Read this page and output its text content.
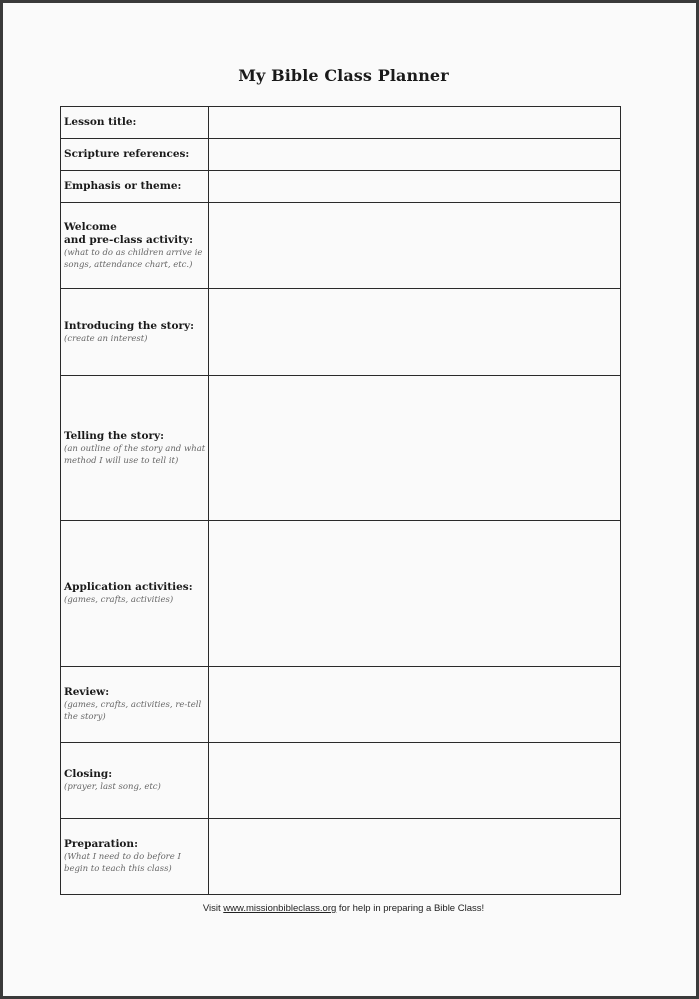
My Bible Class Planner
Lesson title:	

Scripture references:	

Emphasis or theme:	

Welcome
and pre-class activity:
(what to do as children arrive ie songs, attendance chart, etc.)	

Introducing the story:
(create an interest)	

Telling the story:
(an outline of the story and what method I will use to tell it)	

Application activities:
(games, crafts, activities)	

Review:
(games, crafts, activities, re-tell the story)	

Closing:
(prayer, last song, etc)	

Preparation:
(What I need to do before I begin to teach this class)	

Visit www.missionbibleclass.org for help in preparing a Bible Class!
